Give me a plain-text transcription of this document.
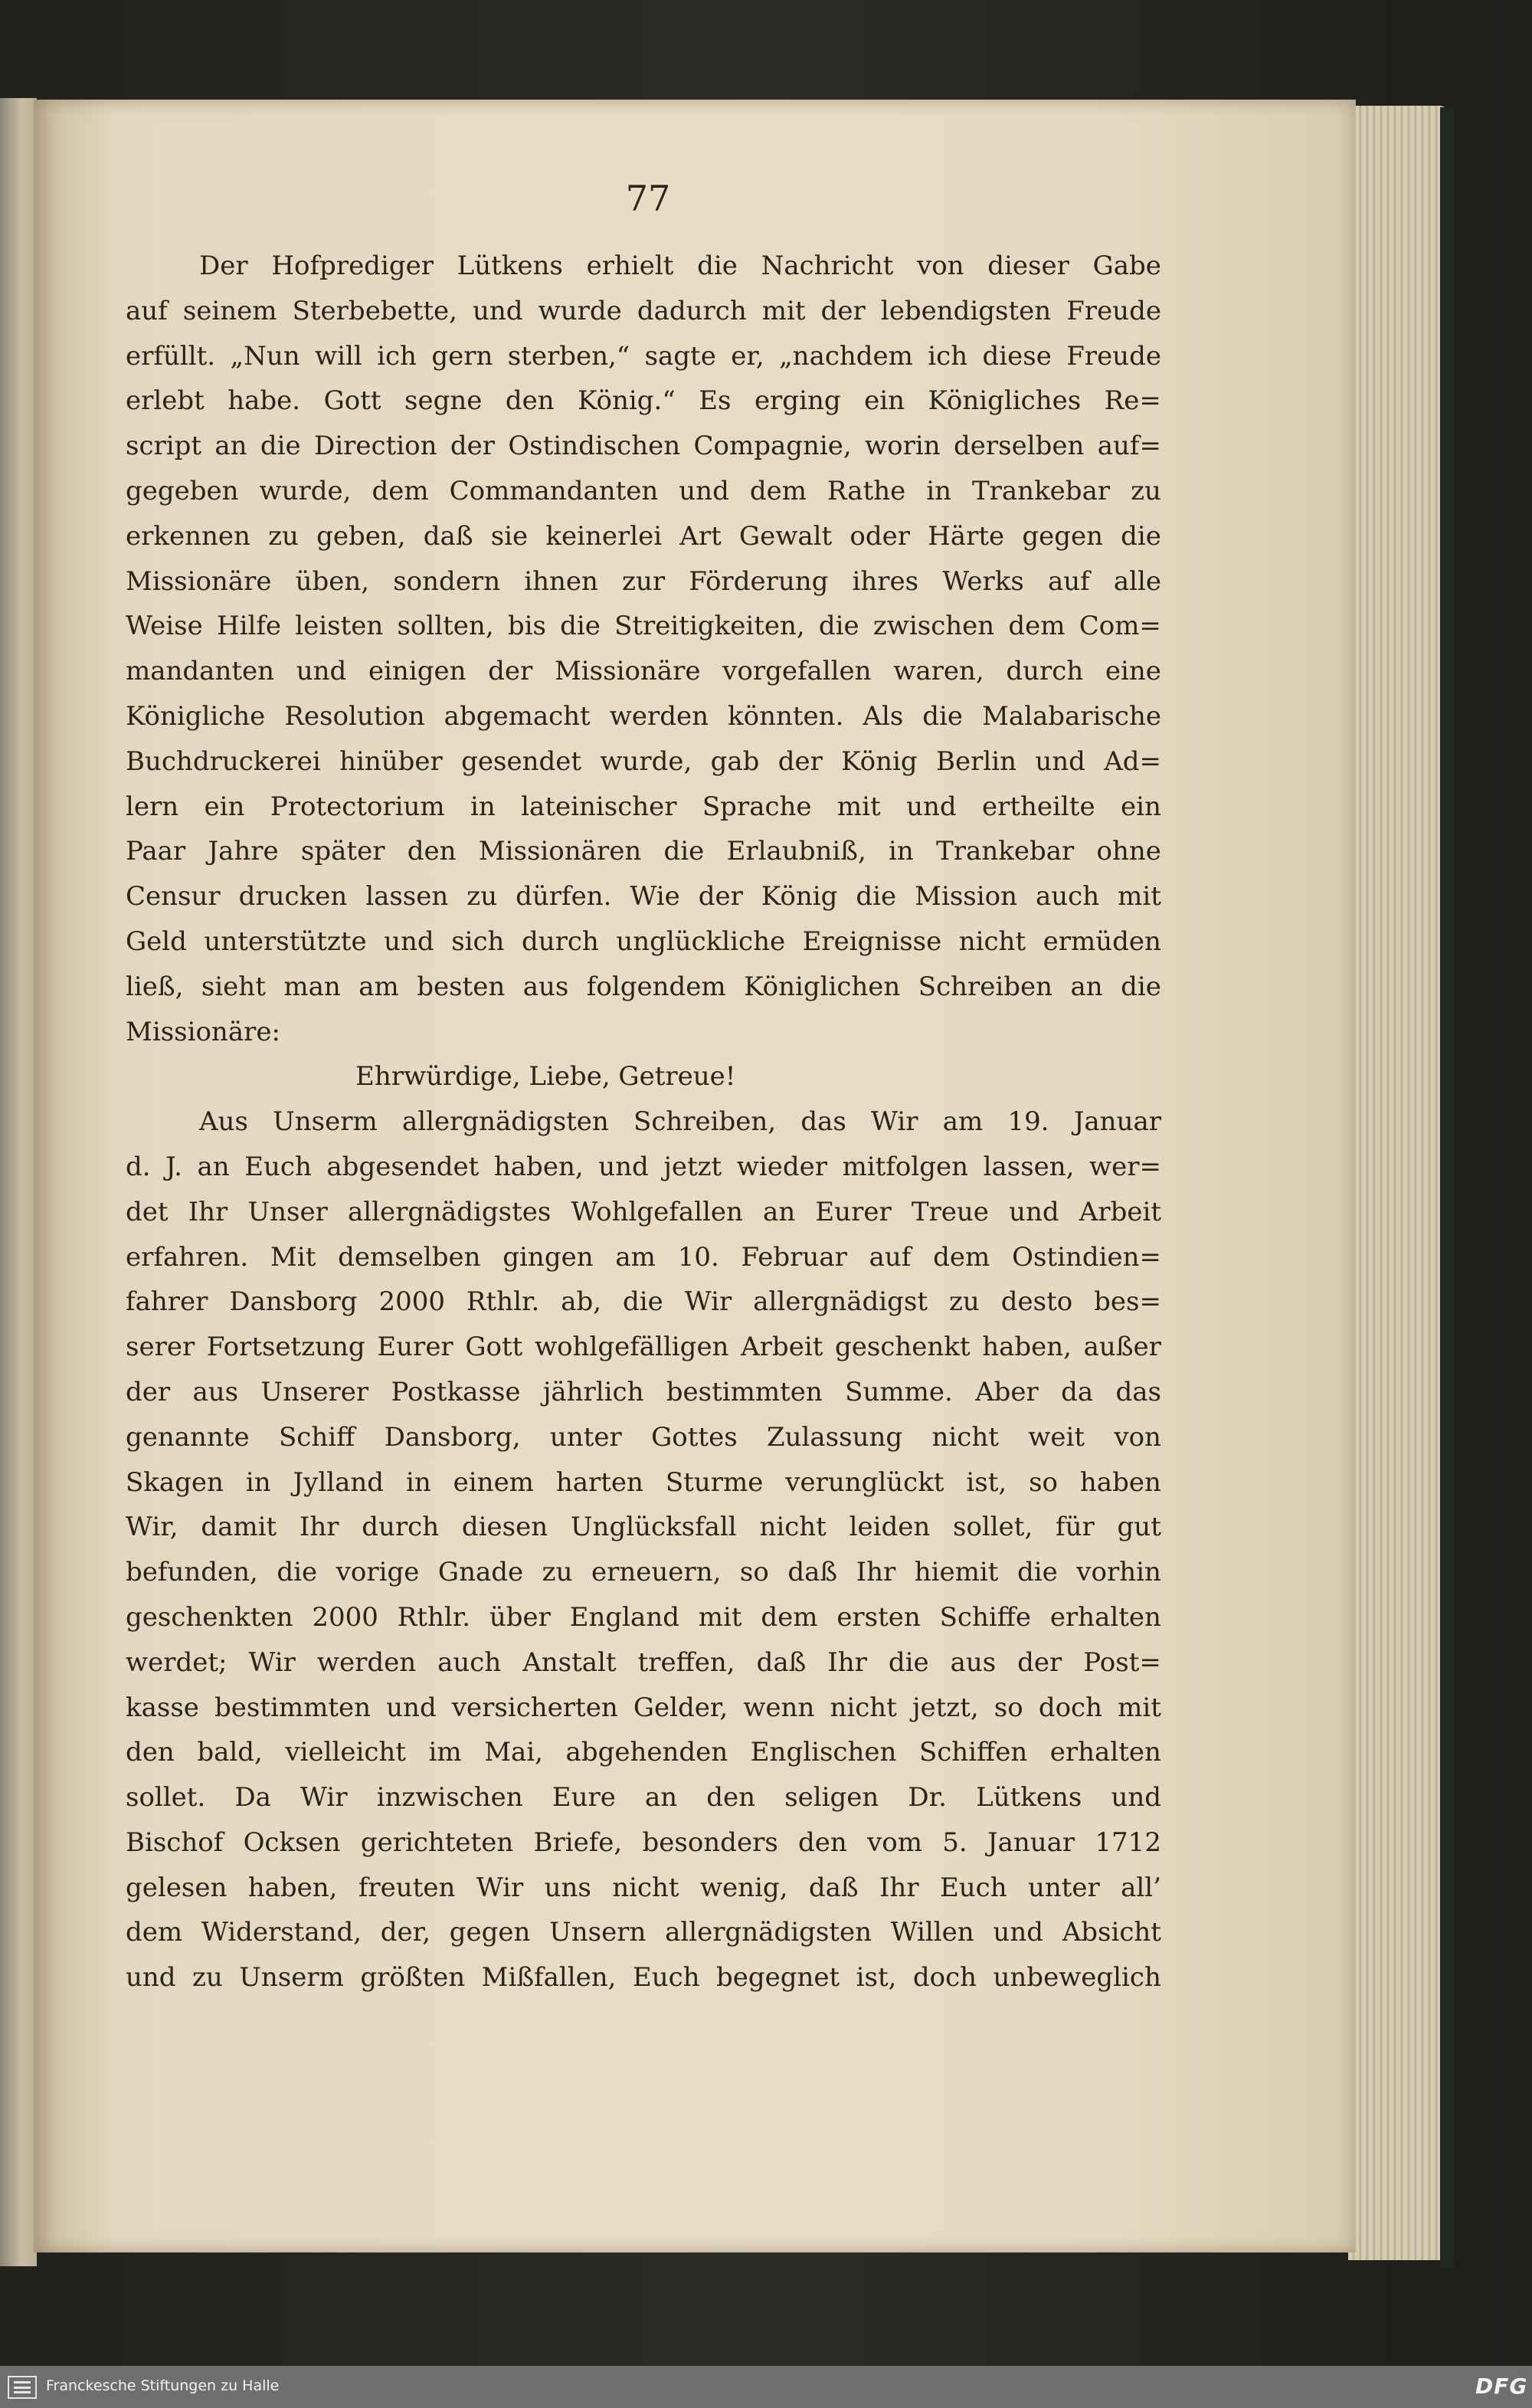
77
Der Hofprediger Lütkens erhielt die Nachricht von dieser Gabe
auf seinem Sterbebette, und wurde dadurch mit der lebendigsten Freude
erfüllt. „Nun will ich gern sterben,“ sagte er, „nachdem ich diese Freude
erlebt habe. Gott segne den König.“ Es erging ein Königliches Re=
script an die Direction der Ostindischen Compagnie, worin derselben auf=
gegeben wurde, dem Commandanten und dem Rathe in Trankebar zu
erkennen zu geben, daß sie keinerlei Art Gewalt oder Härte gegen die
Missionäre üben, sondern ihnen zur Förderung ihres Werks auf alle
Weise Hilfe leisten sollten, bis die Streitigkeiten, die zwischen dem Com=
mandanten und einigen der Missionäre vorgefallen waren, durch eine
Königliche Resolution abgemacht werden könnten. Als die Malabarische
Buchdruckerei hinüber gesendet wurde, gab der König Berlin und Ad=
lern ein Protectorium in lateinischer Sprache mit und ertheilte ein
Paar Jahre später den Missionären die Erlaubniß, in Trankebar ohne
Censur drucken lassen zu dürfen. Wie der König die Mission auch mit
Geld unterstützte und sich durch unglückliche Ereignisse nicht ermüden
ließ, sieht man am besten aus folgendem Königlichen Schreiben an die
Missionäre:
Ehrwürdige, Liebe, Getreue!
Aus Unserm allergnädigsten Schreiben, das Wir am 19. Januar
d. J. an Euch abgesendet haben, und jetzt wieder mitfolgen lassen, wer=
det Ihr Unser allergnädigstes Wohlgefallen an Eurer Treue und Arbeit
erfahren. Mit demselben gingen am 10. Februar auf dem Ostindien=
fahrer Dansborg 2000 Rthlr. ab, die Wir allergnädigst zu desto bes=
serer Fortsetzung Eurer Gott wohlgefälligen Arbeit geschenkt haben, außer
der aus Unserer Postkasse jährlich bestimmten Summe. Aber da das
genannte Schiff Dansborg, unter Gottes Zulassung nicht weit von
Skagen in Jylland in einem harten Sturme verunglückt ist, so haben
Wir, damit Ihr durch diesen Unglücksfall nicht leiden sollet, für gut
befunden, die vorige Gnade zu erneuern, so daß Ihr hiemit die vorhin
geschenkten 2000 Rthlr. über England mit dem ersten Schiffe erhalten
werdet; Wir werden auch Anstalt treffen, daß Ihr die aus der Post=
kasse bestimmten und versicherten Gelder, wenn nicht jetzt, so doch mit
den bald, vielleicht im Mai, abgehenden Englischen Schiffen erhalten
sollet. Da Wir inzwischen Eure an den seligen Dr. Lütkens und
Bischof Ocksen gerichteten Briefe, besonders den vom 5. Januar 1712
gelesen haben, freuten Wir uns nicht wenig, daß Ihr Euch unter all’
dem Widerstand, der, gegen Unsern allergnädigsten Willen und Absicht
und zu Unserm größten Mißfallen, Euch begegnet ist, doch unbeweglich
Franckesche Stiftungen zu Halle	DFG
